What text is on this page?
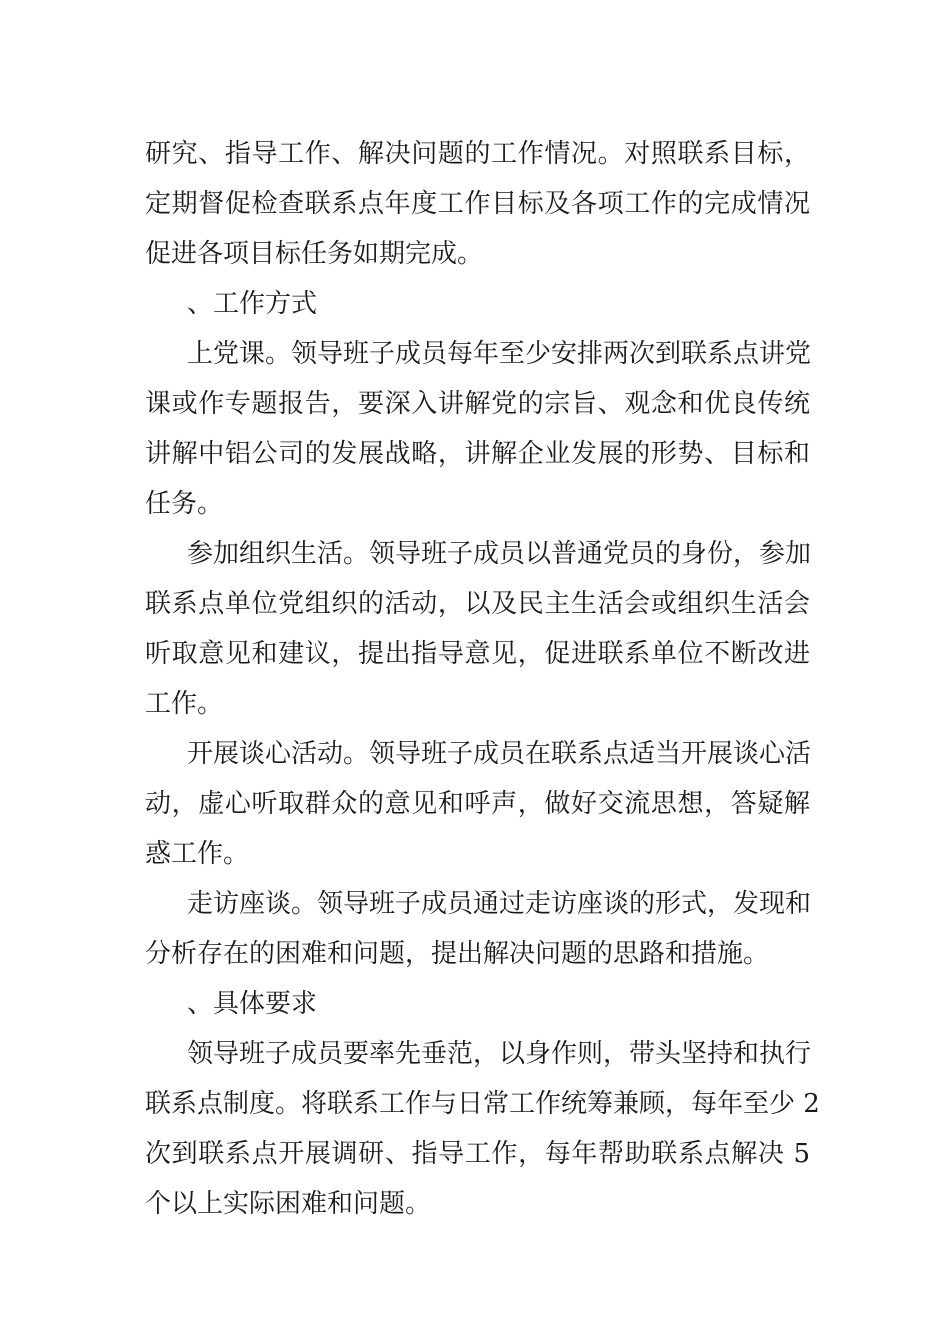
研究、指导工作、解决问题的工作情况。对照联系目标，
定期督促检查联系点年度工作目标及各项工作的完成情况
促进各项目标任务如期完成。
、工作方式
上党课。领导班子成员每年至少安排两次到联系点讲党
课或作专题报告，要深入讲解党的宗旨、观念和优良传统
讲解中铝公司的发展战略，讲解企业发展的形势、目标和
任务。
参加组织生活。领导班子成员以普通党员的身份，参加
联系点单位党组织的活动，以及民主生活会或组织生活会
听取意见和建议，提出指导意见，促进联系单位不断改进
工作。
开展谈心活动。领导班子成员在联系点适当开展谈心活
动，虚心听取群众的意见和呼声，做好交流思想，答疑解
惑工作。
走访座谈。领导班子成员通过走访座谈的形式，发现和
分析存在的困难和问题，提出解决问题的思路和措施。
、具体要求
领导班子成员要率先垂范，以身作则，带头坚持和执行
联系点制度。将联系工作与日常工作统筹兼顾，每年至少 2
次到联系点开展调研、指导工作，每年帮助联系点解决 5
个以上实际困难和问题。
